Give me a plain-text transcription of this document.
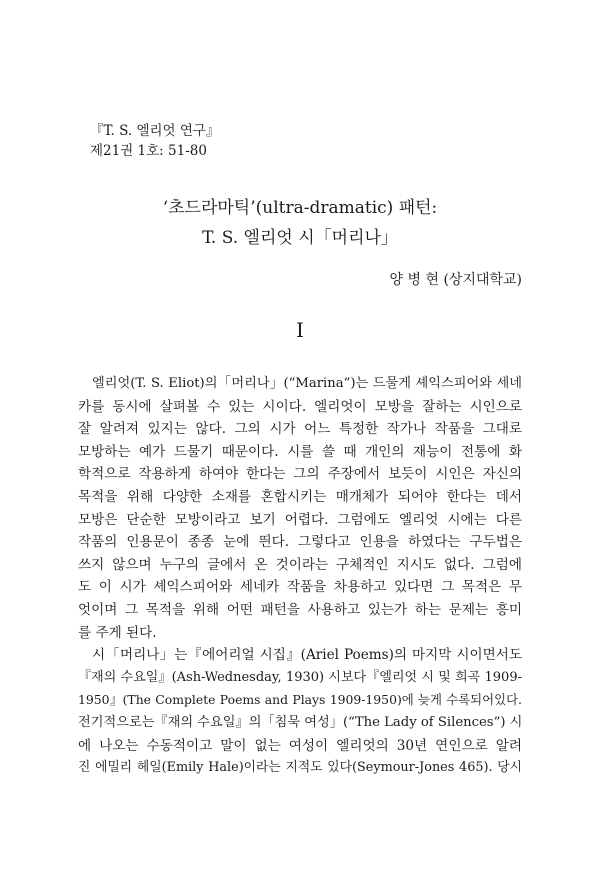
『T. S. 엘리엇 연구』
제21권 1호: 51-80
‘초드라마틱’(ultra-dramatic) 패턴:
T. S. 엘리엇 시「머리나」
양 병 현 (상지대학교)
I
엘리엇(T. S. Eliot)의「머리나」(“Marina”)는 드물게 셰익스피어와 세네
카를 동시에 살펴볼 수 있는 시이다. 엘리엇이 모방을 잘하는 시인으로
잘 알려져 있지는 않다. 그의 시가 어느 특정한 작가나 작품을 그대로
모방하는 예가 드물기 때문이다. 시를 쓸 때 개인의 재능이 전통에 화
학적으로 작용하게 하여야 한다는 그의 주장에서 보듯이 시인은 자신의
목적을 위해 다양한 소재를 혼합시키는 매개체가 되어야 한다는 데서
모방은 단순한 모방이라고 보기 어렵다. 그럼에도 엘리엇 시에는 다른
작품의 인용문이 종종 눈에 띈다. 그렇다고 인용을 하였다는 구두법은
쓰지 않으며 누구의 글에서 온 것이라는 구체적인 지시도 없다. 그럼에
도 이 시가 셰익스피어와 세네카 작품을 차용하고 있다면 그 목적은 무
엇이며 그 목적을 위해 어떤 패턴을 사용하고 있는가 하는 문제는 흥미
를 주게 된다.
시「머리나」는『에어리얼 시집』(Ariel Poems)의 마지막 시이면서도
『재의 수요일』(Ash-Wednesday, 1930) 시보다『엘리엇 시 및 희곡 1909-
1950』(The Complete Poems and Plays 1909-1950)에 늦게 수록되어있다.
전기적으로는『재의 수요일』의「침묵 여성」(“The Lady of Silences”) 시
에 나오는 수동적이고 말이 없는 여성이 엘리엇의 30년 연인으로 알려
진 에밀리 헤일(Emily Hale)이라는 지적도 있다(Seymour-Jones 465). 당시
